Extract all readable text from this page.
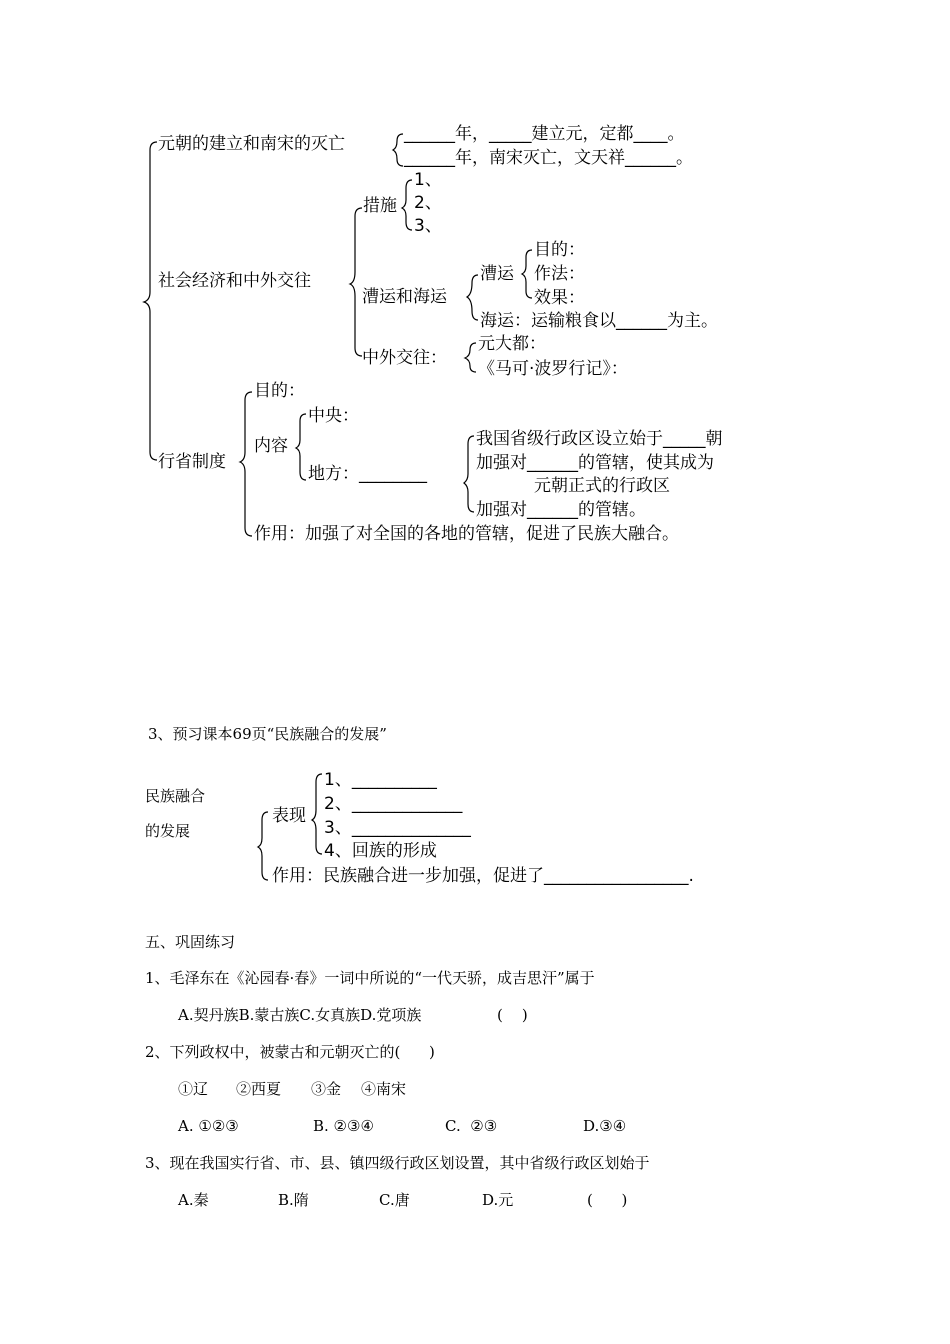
元朝的建立和南宋的灭亡	______年，_____建立元，定都____。
______年，南宋灭亡，文天祥______。
社会经济和中外交往
措施
1、
2、
3、
漕运和海运
漕运
目的：
作法：
效果：
海运：运输粮食以______为主。
中外交往：
元大都：
《马可·波罗行记》：
行省制度
目的：
内容
中央：
地方：________
我国省级行政区设立始于_____朝
加强对______的管辖，使其成为
元朝正式的行政区
加强对______的管辖。
作用：加强了对全国的各地的管辖，促进了民族大融合。
3、预习课本69页“民族融合的发展”
民族融合
的发展
表现
1、__________
2、_____________
3、______________
4、回族的形成
作用：民族融合进一步加强，促进了_________________.
五、巩固练习
1、毛泽东在《沁园春·春》一词中所说的“一代天骄，成吉思汗”属于
A.契丹族B.蒙古族C.女真族D.党项族	(    )
2、下列政权中，被蒙古和元朝灭亡的(      )
①辽 ②西夏 ③金 ④南宋
A. ①②③	B. ②③④	C.  ②③	D.③④
3、现在我国实行省、市、县、镇四级行政区划设置，其中省级行政区划始于
A.秦	B.隋	C.唐	D.元	(      )
